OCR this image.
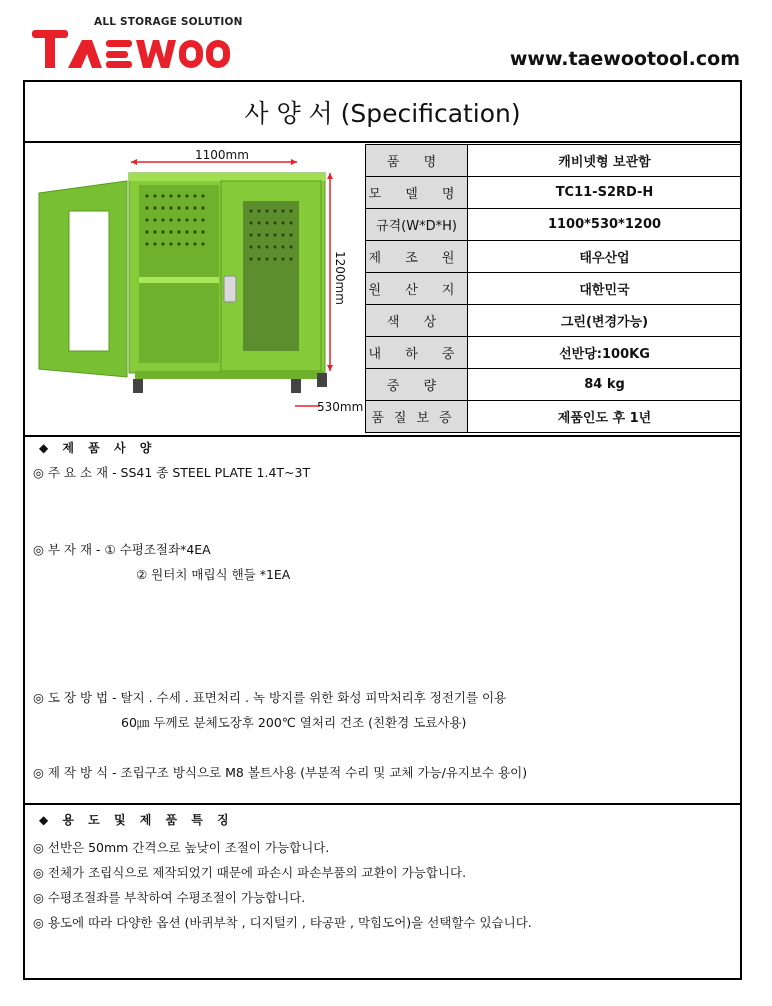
ALL STORAGE SOLUTION
www.taewootool.com
사 양 서 (Specification)
1100mm
1200mm
530mm
품 명	캐비넷형 보관함
모 델 명	TC11-S2RD-H
규격(W*D*H)	1100*530*1200
제 조 원	태우산업
원 산 지	대한민국
색 상	그린(변경가능)
내 하 중	선반당:100KG
중 량	84 kg
품질보증	제품인도 후 1년
◆ 제 품 사 양
◎ 주 요 소 재 - SS41 종 STEEL PLATE 1.4T~3T
◎ 부 자 재 - ① 수평조절좌*4EA
② 원터치 매립식 핸들 *1EA
◎ 도 장 방 법 - 탈지 . 수세 . 표면처리 . 녹 방지를 위한 화성 피막처리후 정전기를 이용
60㎛ 두께로 분체도장후 200℃ 열처리 건조 (친환경 도료사용)
◎ 제 작 방 식 - 조립구조 방식으로 M8 볼트사용 (부분적 수리 및 교체 가능/유지보수 용이)
◆ 용 도 및 제 품 특 징
◎ 선반은 50mm 간격으로 높낮이 조절이 가능합니다.
◎ 전체가 조립식으로 제작되었기 때문에 파손시 파손부품의 교환이 가능합니다.
◎ 수평조절좌를 부착하여 수평조절이 가능합니다.
◎ 용도에 따라 다양한 옵션 (바퀴부착 , 디지털키 , 타공판 , 막힘도어)을 선택할수 있습니다.
